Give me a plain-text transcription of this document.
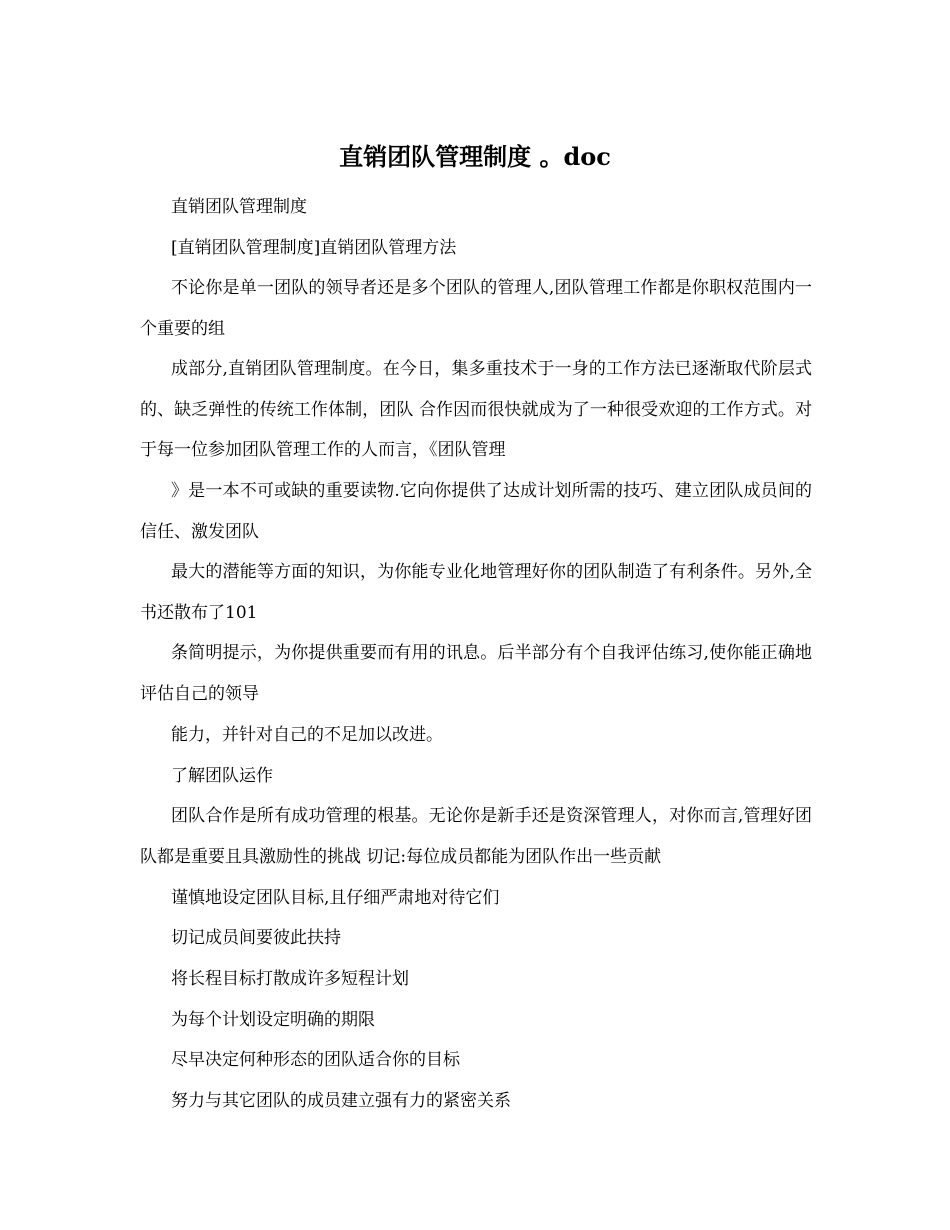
直销团队管理制度 。doc

直销团队管理制度

[直销团队管理制度]直销团队管理方法

不论你是单一团队的领导者还是多个团队的管理人,团队管理工作都是你职权范围内一个重要的组

成部分,直销团队管理制度。在今日，集多重技术于一身的工作方法已逐渐取代阶层式的、缺乏弹性的传统工作体制，团队 合作因而很快就成为了一种很受欢迎的工作方式。对于每一位参加团队管理工作的人而言，《团队管理

》是一本不可或缺的重要读物.它向你提供了达成计划所需的技巧、建立团队成员间的信任、激发团队

最大的潜能等方面的知识，为你能专业化地管理好你的团队制造了有利条件。另外,全书还散布了101

条简明提示，为你提供重要而有用的讯息。后半部分有个自我评估练习,使你能正确地评估自己的领导

能力，并针对自己的不足加以改进。

了解团队运作

团队合作是所有成功管理的根基。无论你是新手还是资深管理人，对你而言,管理好团队都是重要且具激励性的挑战 切记:每位成员都能为团队作出一些贡献

谨慎地设定团队目标,且仔细严肃地对待它们

切记成员间要彼此扶持

将长程目标打散成许多短程计划

为每个计划设定明确的期限

尽早决定何种形态的团队适合你的目标

努力与其它团队的成员建立强有力的紧密关系
